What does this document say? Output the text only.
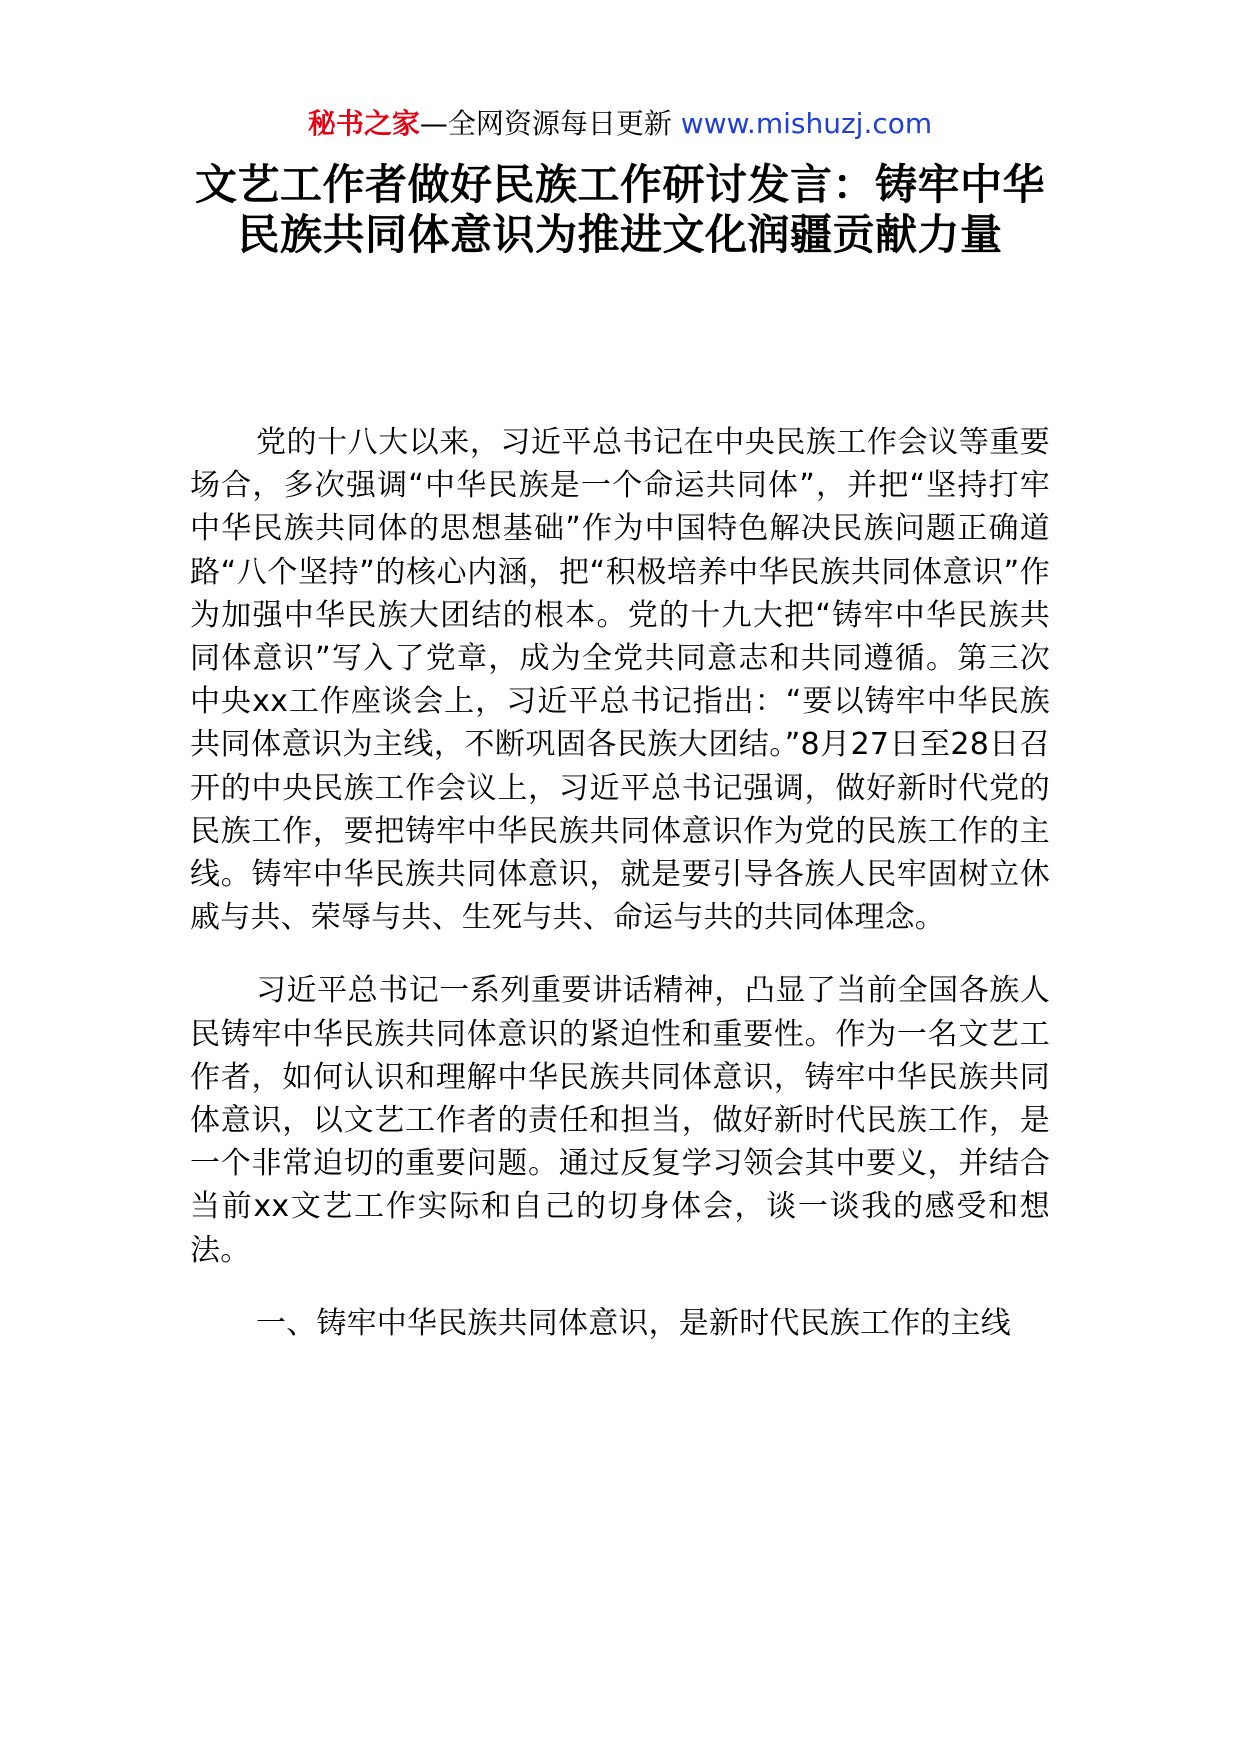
秘书之家—全网资源每日更新 www.mishuzj.com
文艺工作者做好民族工作研讨发言：铸牢中华民族共同体意识为推进文化润疆贡献力量

党的十八大以来，习近平总书记在中央民族工作会议等重要场合，多次强调“中华民族是一个命运共同体”，并把“坚持打牢中华民族共同体的思想基础”作为中国特色解决民族问题正确道路“八个坚持”的核心内涵，把“积极培养中华民族共同体意识”作为加强中华民族大团结的根本。党的十九大把“铸牢中华民族共同体意识”写入了党章，成为全党共同意志和共同遵循。第三次中央xx工作座谈会上，习近平总书记指出：“要以铸牢中华民族共同体意识为主线，不断巩固各民族大团结。”8月27日至28日召开的中央民族工作会议上，习近平总书记强调，做好新时代党的民族工作，要把铸牢中华民族共同体意识作为党的民族工作的主线。铸牢中华民族共同体意识，就是要引导各族人民牢固树立休戚与共、荣辱与共、生死与共、命运与共的共同体理念。

习近平总书记一系列重要讲话精神，凸显了当前全国各族人民铸牢中华民族共同体意识的紧迫性和重要性。作为一名文艺工作者，如何认识和理解中华民族共同体意识，铸牢中华民族共同体意识，以文艺工作者的责任和担当，做好新时代民族工作，是一个非常迫切的重要问题。通过反复学习领会其中要义，并结合当前xx文艺工作实际和自己的切身体会，谈一谈我的感受和想法。

一、铸牢中华民族共同体意识，是新时代民族工作的主线
